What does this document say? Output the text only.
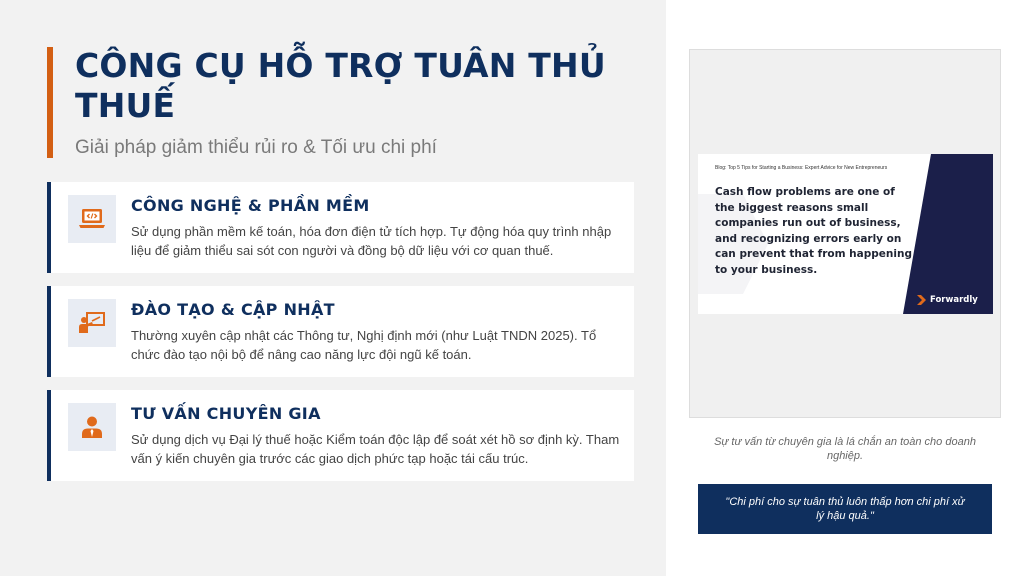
CÔNG CỤ HỖ TRỢ TUÂN THỦ THUẾ
Giải pháp giảm thiểu rủi ro & Tối ưu chi phí
CÔNG NGHỆ & PHẦN MỀM
Sử dụng phần mềm kế toán, hóa đơn điện tử tích hợp. Tự động hóa quy trình nhập liệu để giảm thiểu sai sót con người và đồng bộ dữ liệu với cơ quan thuế.
ĐÀO TẠO & CẬP NHẬT
Thường xuyên cập nhật các Thông tư, Nghị định mới (như Luật TNDN 2025). Tổ chức đào tạo nội bộ để nâng cao năng lực đội ngũ kế toán.
TƯ VẤN CHUYÊN GIA
Sử dụng dịch vụ Đại lý thuế hoặc Kiểm toán độc lập để soát xét hồ sơ định kỳ. Tham vấn ý kiến chuyên gia trước các giao dịch phức tạp hoặc tái cấu trúc.
Blog: Top 5 Tips for Starting a Business: Expert Advice for New Entrepreneurs
Cash flow problems are one of the biggest reasons small companies run out of business, and recognizing errors early on can prevent that from happening to your business.
Forwardly
Sự tư vấn từ chuyên gia là lá chắn an toàn cho doanh nghiệp.
"Chi phí cho sự tuân thủ luôn thấp hơn chi phí xử lý hậu quả."
